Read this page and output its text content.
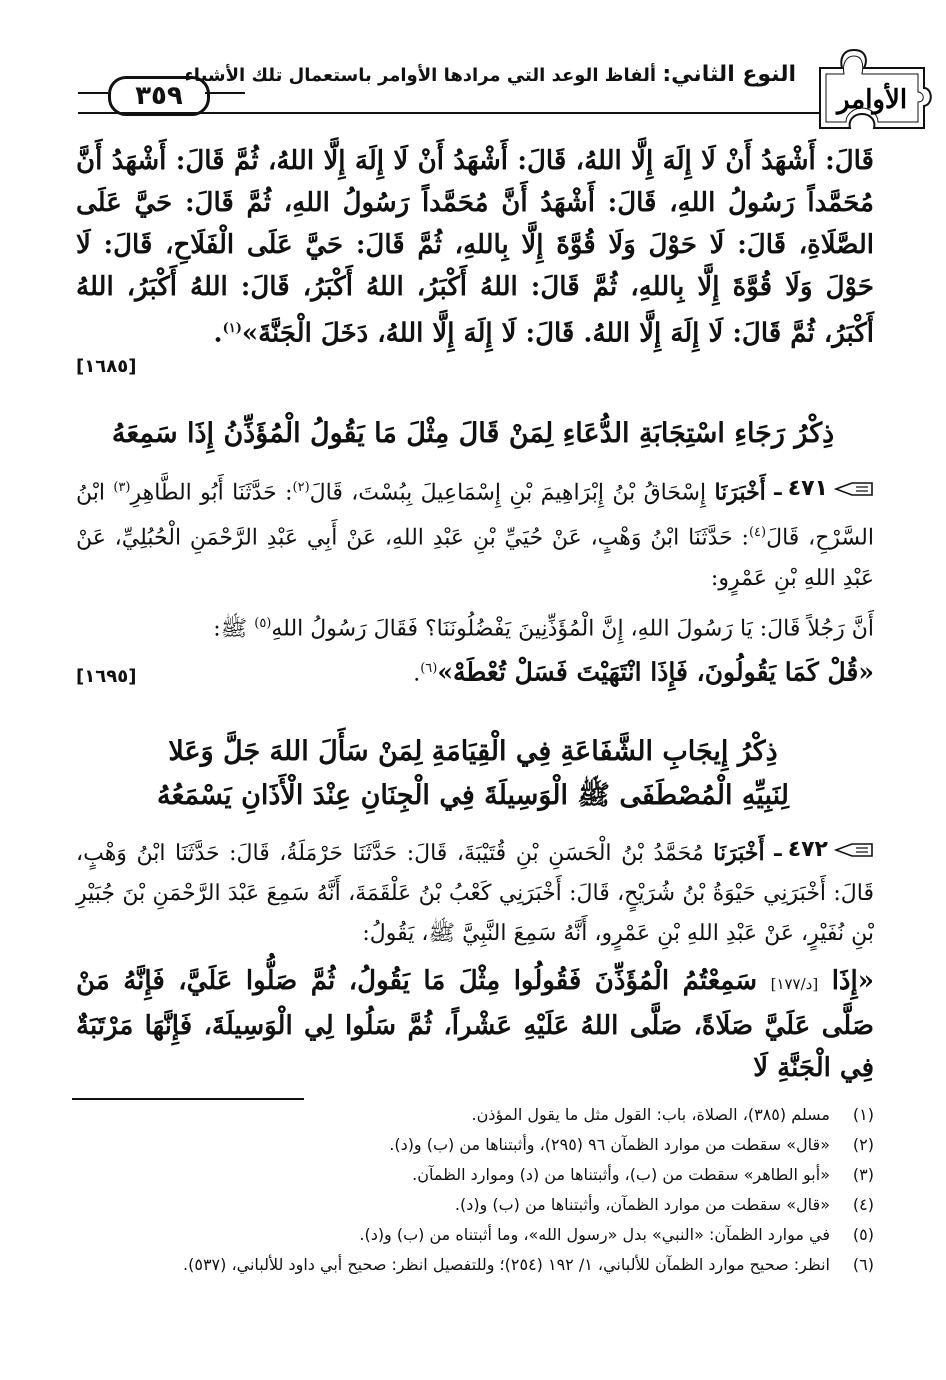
الأوامر
النوع الثاني: ألفاظ الوعد التي مرادها الأوامر باستعمال تلك الأشياء
٣٥٩
قَالَ: أَشْهَدُ أَنْ لَا إِلَهَ إِلَّا اللهُ، قَالَ: أَشْهَدُ أَنْ لَا إِلَهَ إِلَّا اللهُ، ثُمَّ قَالَ: أَشْهَدُ أَنَّ مُحَمَّداً رَسُولُ اللهِ، قَالَ: أَشْهَدُ أَنَّ مُحَمَّداً رَسُولُ اللهِ، ثُمَّ قَالَ: حَيَّ عَلَى الصَّلَاةِ، قَالَ: لَا حَوْلَ وَلَا قُوَّةَ إِلَّا بِاللهِ، ثُمَّ قَالَ: حَيَّ عَلَى الْفَلَاحِ، قَالَ: لَا حَوْلَ وَلَا قُوَّةَ إِلَّا بِاللهِ، ثُمَّ قَالَ: اللهُ أَكْبَرُ، اللهُ أَكْبَرُ، قَالَ: اللهُ أَكْبَرُ، اللهُ أَكْبَرُ، ثُمَّ قَالَ: لَا إِلَهَ إِلَّا اللهُ. قَالَ: لَا إِلَهَ إِلَّا اللهُ، دَخَلَ الْجَنَّةَ»$^{(١)}$.
[١٦٨٥]
ذِكْرُ رَجَاءِ اسْتِجَابَةِ الدُّعَاءِ لِمَنْ قَالَ مِثْلَ مَا يَقُولُ الْمُؤَذِّنُ إِذَا سَمِعَهُ
٤٧١
ـ
أَخْبَرَنَا إِسْحَاقُ بْنُ إِبْرَاهِيمَ بْنِ إِسْمَاعِيلَ بِبُسْتَ، قَالَ$^{(٢)}$: حَدَّثَنَا أَبُو الطَّاهِرِ$^{(٣)}$ ابْنُ السَّرْحِ، قَالَ$^{(٤)}$: حَدَّثَنَا ابْنُ وَهْبٍ، عَنْ حُيَيِّ بْنِ عَبْدِ اللهِ، عَنْ أَبِي عَبْدِ الرَّحْمَنِ الْحُبُلِيِّ، عَنْ عَبْدِ اللهِ بْنِ عَمْرٍو:
أَنَّ رَجُلاً قَالَ: يَا رَسُولَ اللهِ، إِنَّ الْمُؤَذِّنِينَ يَفْضُلُونَنَا؟ فَقَالَ رَسُولُ اللهِ$^{(٥)}$ ﷺ:
«قُلْ كَمَا يَقُولُونَ، فَإِذَا انْتَهَيْتَ فَسَلْ تُعْطَهْ»$^{(٦)}$.
[١٦٩٥]
ذِكْرُ إِيجَابِ الشَّفَاعَةِ فِي الْقِيَامَةِ لِمَنْ سَأَلَ اللهَ جَلَّ وَعَلا
لِنَبِيِّهِ الْمُصْطَفَى ﷺ الْوَسِيلَةَ فِي الْجِنَانِ عِنْدَ الْأَذَانِ يَسْمَعُهُ
٤٧٢
ـ
أَخْبَرَنَا مُحَمَّدُ بْنُ الْحَسَنِ بْنِ قُتَيْبَةَ، قَالَ: حَدَّثَنَا حَرْمَلَةُ، قَالَ: حَدَّثَنَا ابْنُ وَهْبٍ، قَالَ: أَخْبَرَنِي حَيْوَةُ بْنُ شُرَيْحٍ، قَالَ: أَخْبَرَنِي كَعْبُ بْنُ عَلْقَمَةَ، أَنَّهُ سَمِعَ عَبْدَ الرَّحْمَنِ بْنَ جُبَيْرِ بْنِ نُفَيْرٍ، عَنْ عَبْدِ اللهِ بْنِ عَمْرٍو، أَنَّهُ سَمِعَ النَّبِيَّ ﷺ، يَقُولُ:
«إِذَا [د/١٧٧] سَمِعْتُمُ الْمُؤَذِّنَ فَقُولُوا مِثْلَ مَا يَقُولُ، ثُمَّ صَلُّوا عَلَيَّ، فَإِنَّهُ مَنْ صَلَّى عَلَيَّ صَلَاةً، صَلَّى اللهُ عَلَيْهِ عَشْراً، ثُمَّ سَلُوا لِي الْوَسِيلَةَ، فَإِنَّهَا مَرْتَبَةٌ فِي الْجَنَّةِ لَا
(١)
مسلم (٣٨٥)، الصلاة، باب: القول مثل ما يقول المؤذن.
(٢)
«قال» سقطت من موارد الظمآن ٩٦ (٢٩٥)، وأثبتناها من (ب) و(د).
(٣)
«أبو الطاهر» سقطت من (ب)، وأثبتناها من (د) وموارد الظمآن.
(٤)
«قال» سقطت من موارد الظمآن، وأثبتناها من (ب) و(د).
(٥)
في موارد الظمآن: «النبي» بدل «رسول الله»، وما أثبتناه من (ب) و(د).
(٦)
انظر: صحيح موارد الظمآن للألباني، ١/ ١٩٢ (٢٥٤)؛ وللتفصيل انظر: صحيح أبي داود للألباني، (٥٣٧).
